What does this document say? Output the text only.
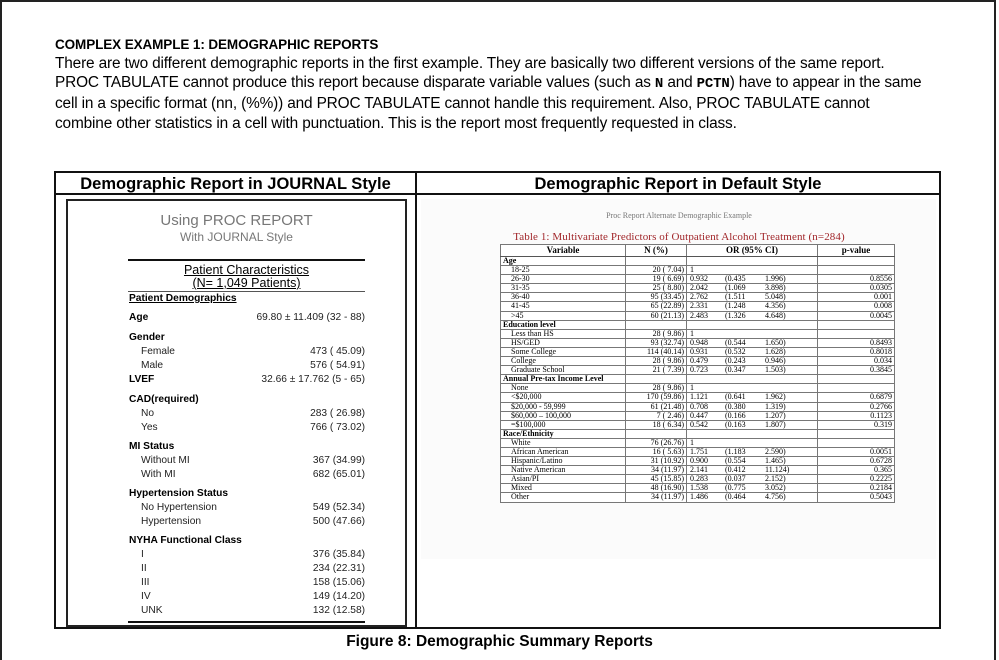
COMPLEX EXAMPLE 1: DEMOGRAPHIC REPORTS
There are two different demographic reports in the first example. They are basically two different versions of the same report. PROC TABULATE cannot produce this report because disparate variable values (such as N and PCTN) have to appear in the same cell in a specific format (nn, (%%)) and PROC TABULATE cannot handle this requirement. Also, PROC TABULATE cannot combine other statistics in a cell with punctuation. This is the report most frequently requested in class.
Demographic Report in JOURNAL Style	Demographic Report in Default Style
Using PROC REPORT
With JOURNAL Style
Patient Characteristics
(N= 1,049 Patients)
Patient Demographics
Age	69.80 ± 11.409 (32 - 88)
Gender
Female	473 ( 45.09)
Male	576 ( 54.91)
LVEF	32.66 ± 17.762 (5 - 65)
CAD(required)
No	283 ( 26.98)
Yes	766 ( 73.02)
MI Status
Without MI	367 (34.99)
With MI	682 (65.01)
Hypertension Status
No Hypertension	549 (52.34)
Hypertension	500 (47.66)
NYHA Functional Class
I	376 (35.84)
II	234 (22.31)
III	158 (15.06)
IV	149 (14.20)
UNK	132 (12.58)
Proc Report Alternate Demographic Example
Table 1: Multivariate Predictors of Outpatient Alcohol Treatment (n=284)
Variable	N (%)	OR (95% CI)	p-value
Age			
18-25	20 ( 7.04)	1	

26-30	19 ( 6.69)	0.932 (0.435 1.996)	0.8556
31-35	25 ( 8.80)	2.042 (1.069 3.898)	0.0305
36-40	95 (33.45)	2.762 (1.511 5.048)	0.001
41-45	65 (22.89)	2.331 (1.248 4.356)	0.008
>45	60 (21.13)	2.483 (1.326 4.648)	0.0045
Education level			
Less than HS	28 ( 9.86)	1	

HS/GED	93 (32.74)	0.948 (0.544 1.650)	0.8493
Some College	114 (40.14)	0.931 (0.532 1.628)	0.8018
College	28 ( 9.86)	0.479 (0.243 0.946)	0.034
Graduate School	21 ( 7.39)	0.723 (0.347 1.503)	0.3845
Annual Pre-tax Income Level			
None	28 ( 9.86)	1	

<$20,000	170 (59.86)	1.121 (0.641 1.962)	0.6879
$20,000 - 59,999	61 (21.48)	0.708 (0.380 1.319)	0.2766
$60,000 – 100,000	7 ( 2.46)	0.447 (0.166 1.207)	0.1123
=$100,000	18 ( 6.34)	0.542 (0.163 1.807)	0.319
Race/Ethnicity			
White	76 (26.76)	1	

African American	16 ( 5.63)	1.751 (1.183 2.590)	0.0051
Hispanic/Latino	31 (10.92)	0.900 (0.554 1.465)	0.6728
Native American	34 (11.97)	2.141 (0.412 11.124)	0.365
Asian/PI	45 (15.85)	0.283 (0.037 2.152)	0.2225
Mixed	48 (16.90)	1.538 (0.775 3.052)	0.2184
Other	34 (11.97)	1.486 (0.464 4.756)	0.5043
Figure 8: Demographic Summary Reports
